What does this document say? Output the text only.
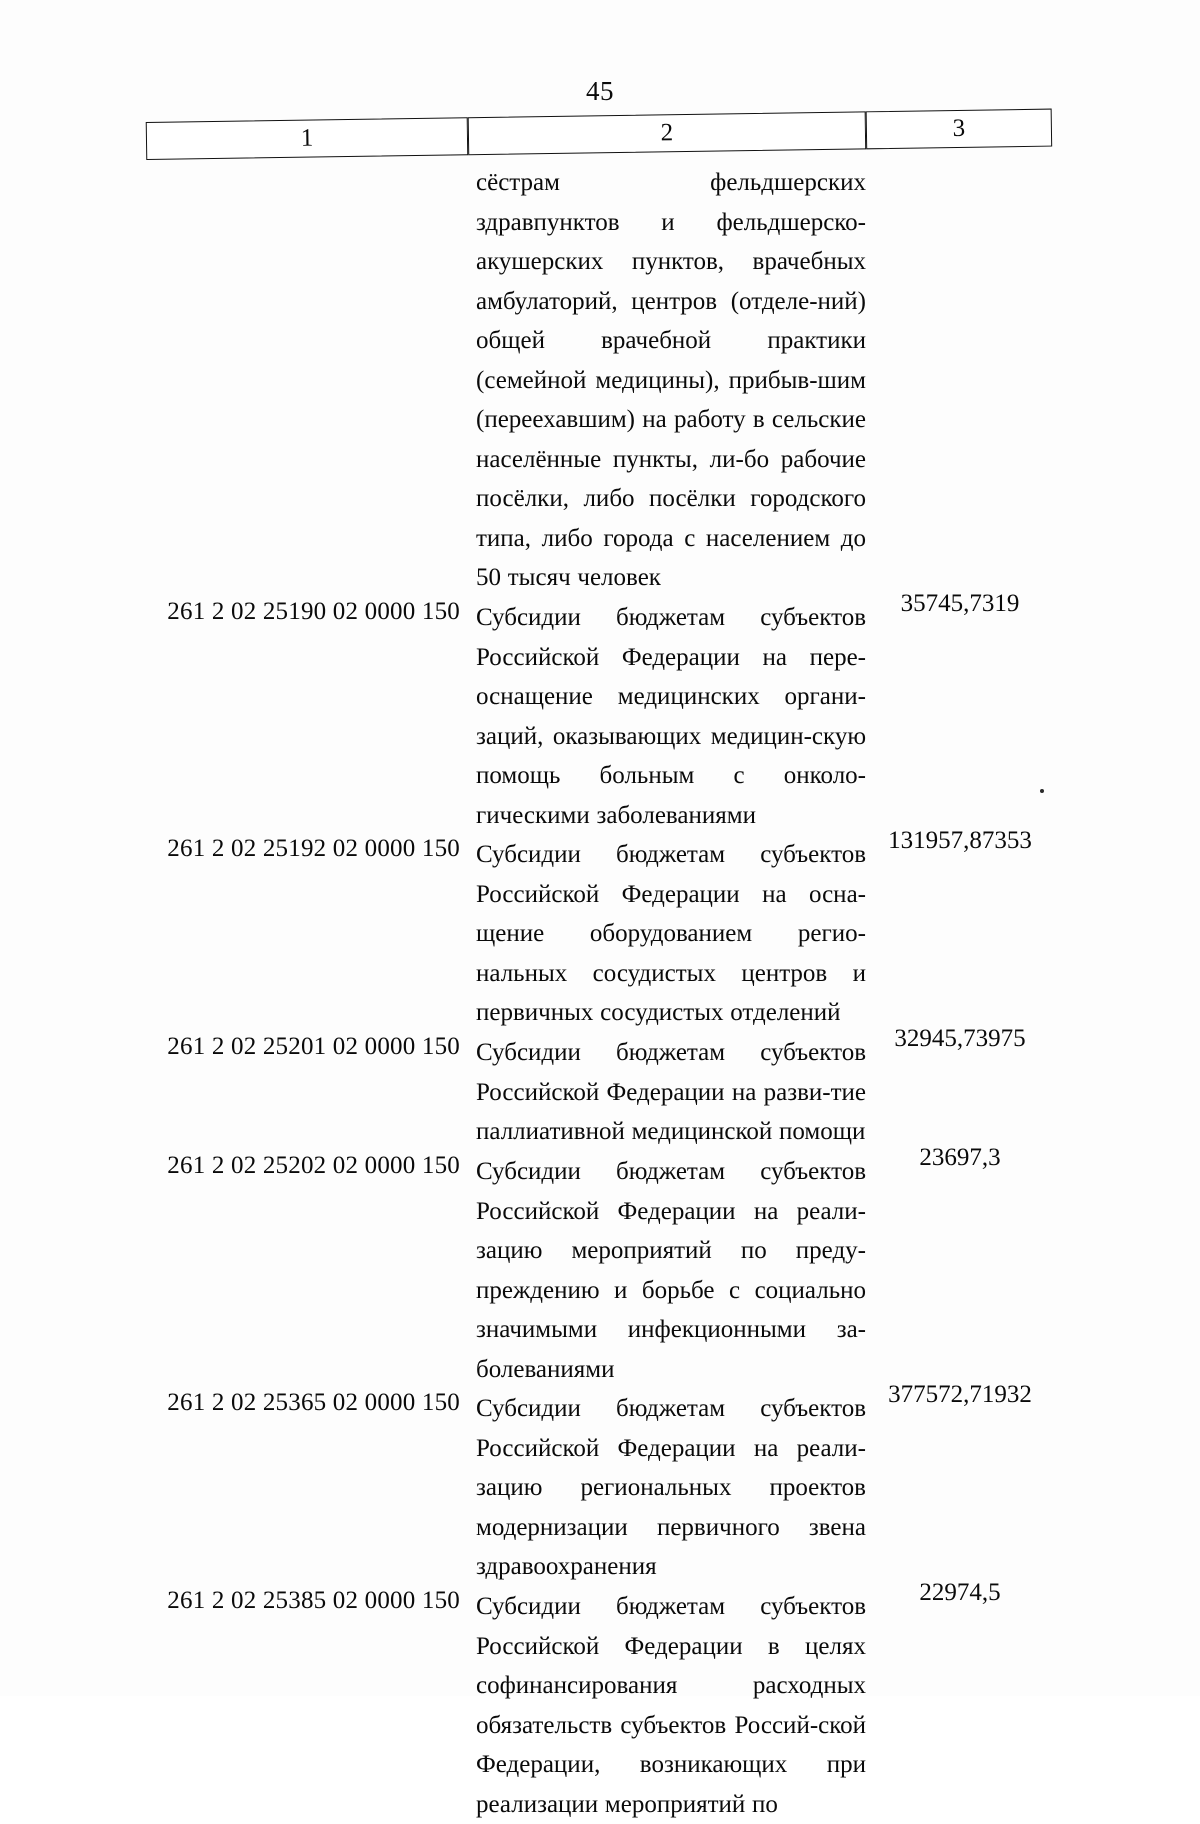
45
1	2	3
сёстрам фельдшерских здравпунктов и фельдшерско-акушерских пунктов, врачебных амбулаторий, центров (отделе-ний) общей врачебной практики (семейной медицины), прибыв-шим (переехавшим) на работу в сельские населённые пункты, ли-бо рабочие посёлки, либо посёлки городского типа, либо города с населением до 50 тысяч человек
261 2 02 25190 02 0000 150 Субсидии бюджетам субъектов Российской Федерации на пере-оснащение медицинских органи-заций, оказывающих медицин-скую помощь больным с онколо-гическими заболеваниями
35745,7319
261 2 02 25192 02 0000 150 Субсидии бюджетам субъектов Российской Федерации на осна-щение оборудованием регио-нальных сосудистых центров и первичных сосудистых отделений
131957,87353
261 2 02 25201 02 0000 150 Субсидии бюджетам субъектов Российской Федерации на разви-тие паллиативной медицинской помощи
32945,73975
261 2 02 25202 02 0000 150 Субсидии бюджетам субъектов Российской Федерации на реали-зацию мероприятий по преду-преждению и борьбе с социально значимыми инфекционными за-болеваниями
23697,3
261 2 02 25365 02 0000 150 Субсидии бюджетам субъектов Российской Федерации на реали-зацию региональных проектов модернизации первичного звена здравоохранения
377572,71932
261 2 02 25385 02 0000 150 Субсидии бюджетам субъектов Российской Федерации в целях софинансирования расходных обязательств субъектов Россий-ской Федерации, возникающих при реализации мероприятий по
22974,5
